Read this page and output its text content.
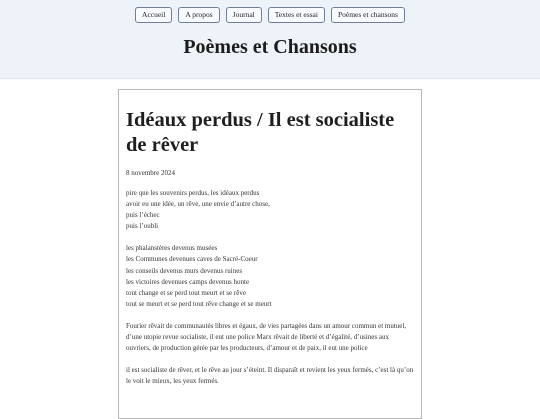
Accueil	A propos	Journal	Textes et essai	Poèmes et chansons
Poèmes et Chansons
Idéaux perdus / Il est socialiste de rêver
8 novembre 2024
pire que les souvenirs perdus, les idéaux perdus
avoir eu une idée, un rêve, une envie d’autre chose,
puis l’échec
puis l’oubli
les phalanstères devenus musées
les Communes devenues caves de Sacré-Coeur
les conseils devenus murs devenus ruines
les victoires devenues camps devenus honte
tout change et se perd tout meurt et se rêve
tout se meurt et se perd tout rêve change et se meurt
Fourier rêvait de communautés libres et égaux, de vies partagées dans un amour commun et mutuel, d’une utopie revue socialiste, il eut une police Marx rêvait de liberté et d’égalité, d’usines aux ouvriers, de production gérée par les producteurs, d’amour et de paix, il eut une police
il est socialiste de rêver, et le rêve au jour s’éteint. Il disparaît et revient les yeux fermés, c’est là qu’on le voit le mieux, les yeux fermés.
